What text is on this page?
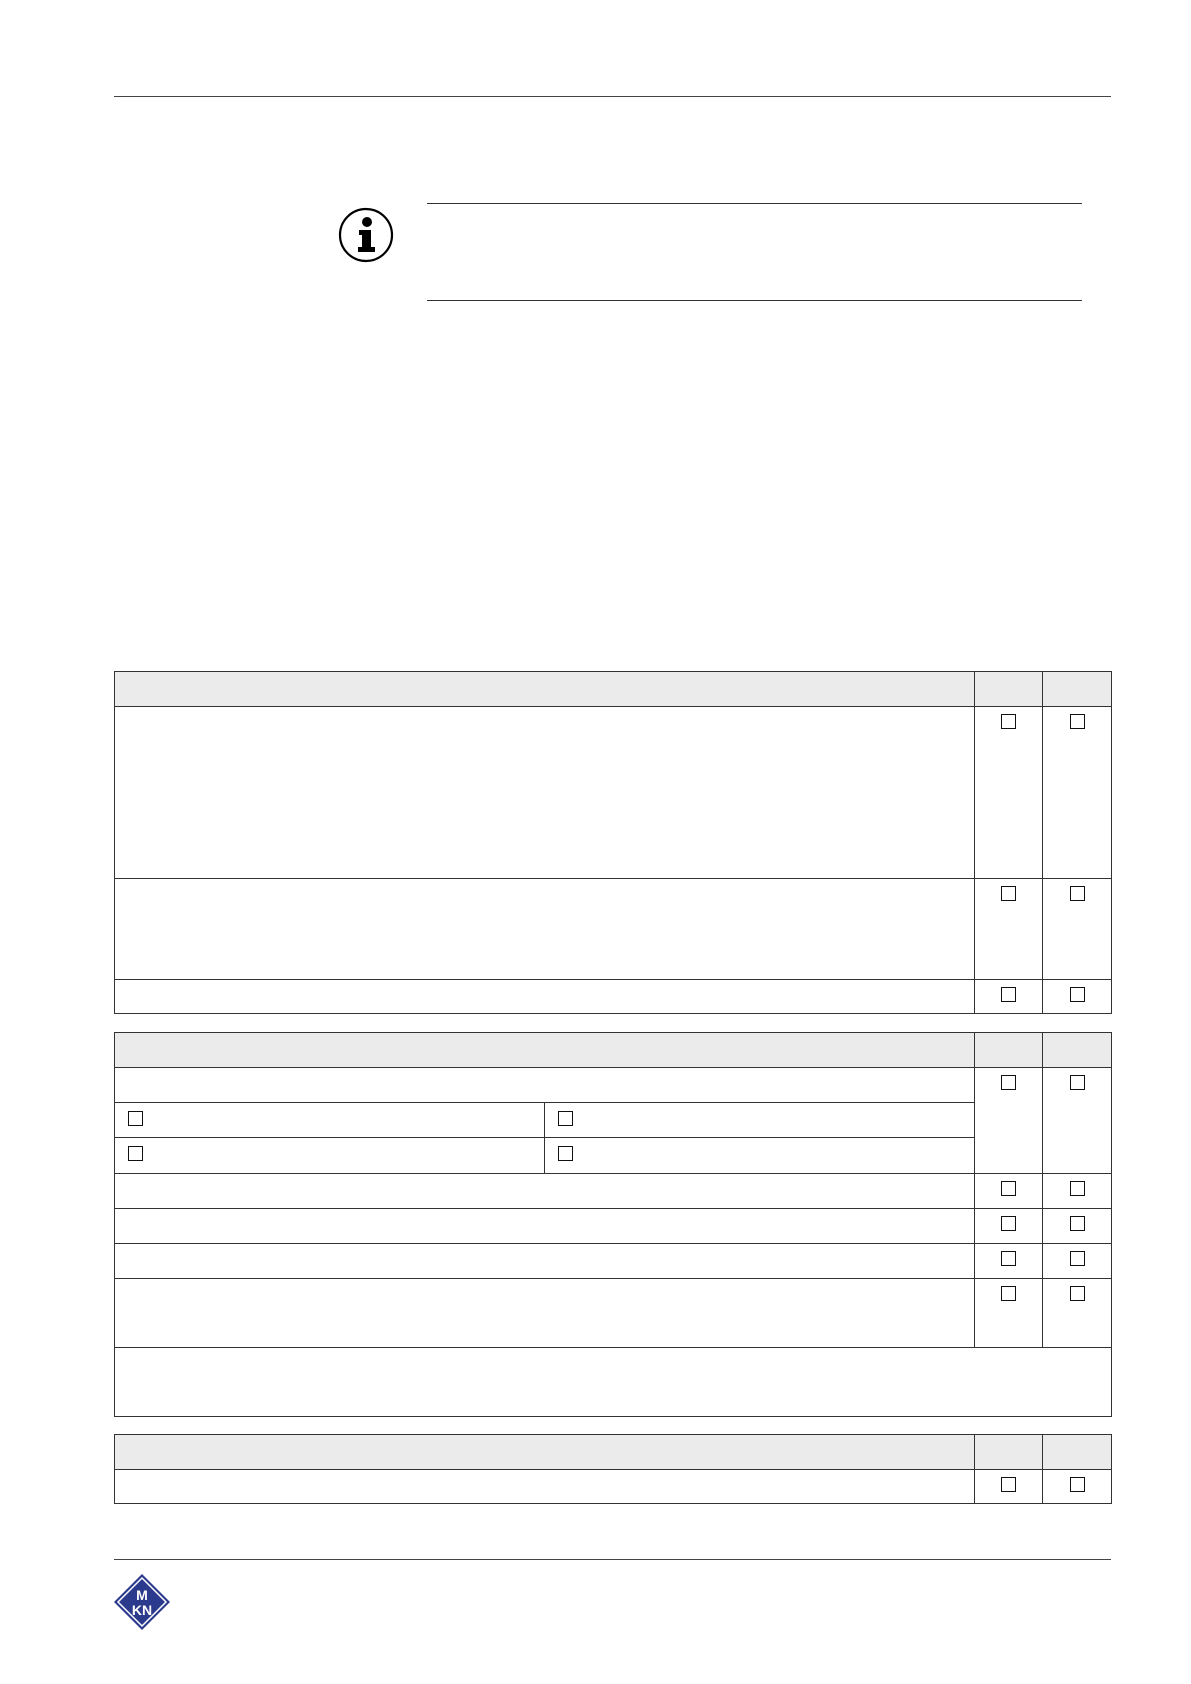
M
KN
